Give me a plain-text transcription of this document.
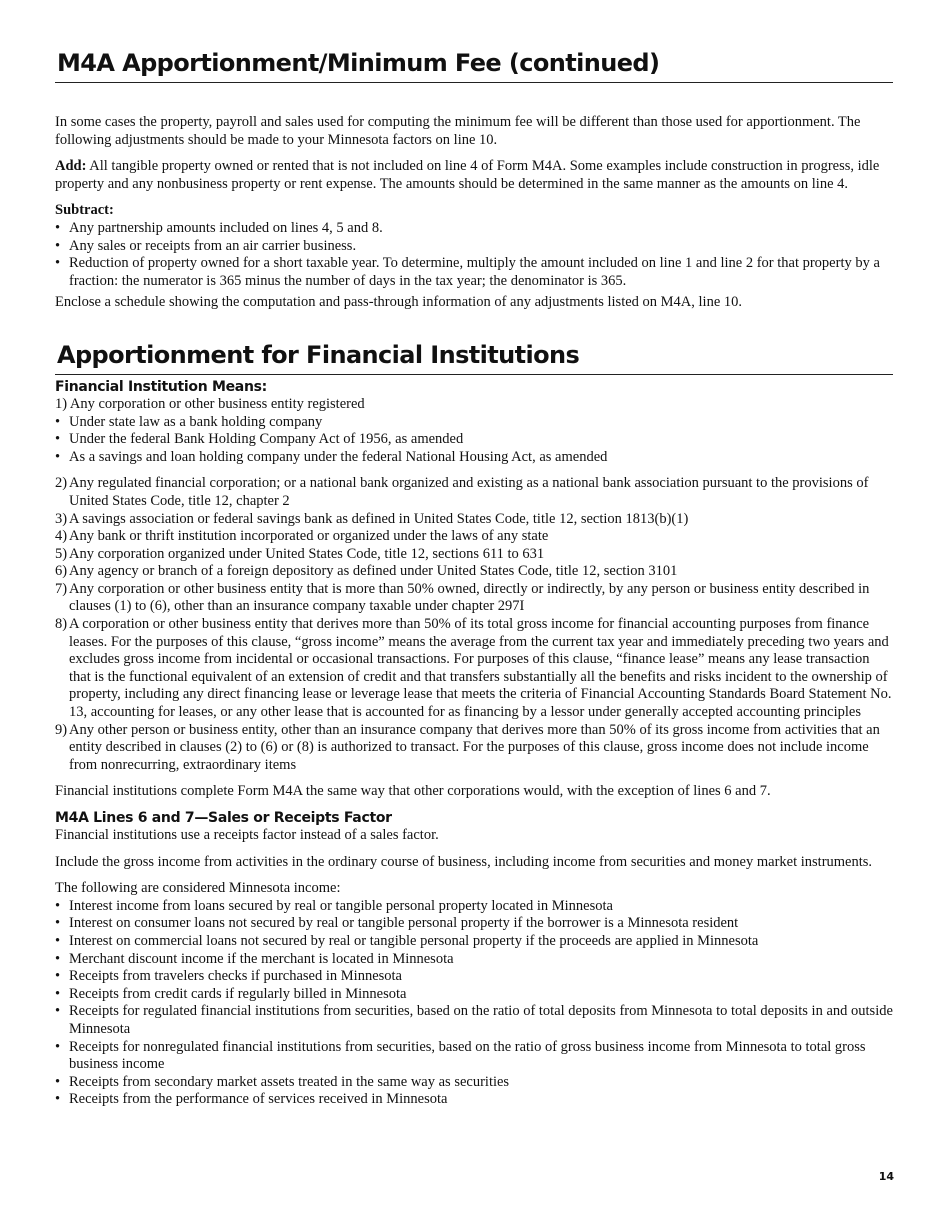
M4A Apportionment/Minimum Fee (continued)

In some cases the property, payroll and sales used for computing the minimum fee will be different than those used for apportionment. The following adjustments should be made to your Minnesota factors on line 10.

Add: All tangible property owned or rented that is not included on line 4 of Form M4A. Some examples include construction in progress, idle property and any nonbusiness property or rent expense. The amounts should be determined in the same manner as the amounts on line 4.

Subtract:

• Any partnership amounts included on lines 4, 5 and 8.
• Any sales or receipts from an air carrier business.
• Reduction of property owned for a short taxable year. To determine, multiply the amount included on line 1 and line 2 for that property by a fraction: the numerator is 365 minus the number of days in the tax year; the denominator is 365.

Enclose a schedule showing the computation and pass-through information of any adjustments listed on M4A, line 10.

Apportionment for Financial Institutions
Financial Institution Means:

1) Any corporation or other business entity registered

• Under state law as a bank holding company
• Under the federal Bank Holding Company Act of 1956, as amended
• As a savings and loan holding company under the federal National Housing Act, as amended
2) Any regulated financial corporation; or a national bank organized and existing as a national bank association pursuant to the provisions of United States Code, title 12, chapter 2
3) A savings association or federal savings bank as defined in United States Code, title 12, section 1813(b)(1)
4) Any bank or thrift institution incorporated or organized under the laws of any state
5) Any corporation organized under United States Code, title 12, sections 611 to 631
6) Any agency or branch of a foreign depository as defined under United States Code, title 12, section 3101
7) Any corporation or other business entity that is more than 50% owned, directly or indirectly, by any person or business entity described in clauses (1) to (6), other than an insurance company taxable under chapter 297I
8) A corporation or other business entity that derives more than 50% of its total gross income for financial accounting purposes from finance leases. For the purposes of this clause, “gross income” means the average from the current tax year and immediately preceding two years and excludes gross income from incidental or occasional transactions. For purposes of this clause, “finance lease” means any lease transaction that is the functional equivalent of an extension of credit and that transfers substantially all the benefits and risks incident to the ownership of property, including any direct financing lease or leverage lease that meets the criteria of Financial Accounting Standards Board Statement No. 13, accounting for leases, or any other lease that is accounted for as financing by a lessor under generally accepted accounting principles
9) Any other person or business entity, other than an insurance company that derives more than 50% of its gross income from activities that an entity described in clauses (2) to (6) or (8) is authorized to transact. For the purposes of this clause, gross income does not include income from nonrecurring, extraordinary items

Financial institutions complete Form M4A the same way that other corporations would, with the exception of lines 6 and 7.

M4A Lines 6 and 7—Sales or Receipts Factor

Financial institutions use a receipts factor instead of a sales factor.

Include the gross income from activities in the ordinary course of business, including income from securities and money market instruments.

The following are considered Minnesota income:

• Interest income from loans secured by real or tangible personal property located in Minnesota
• Interest on consumer loans not secured by real or tangible personal property if the borrower is a Minnesota resident
• Interest on commercial loans not secured by real or tangible personal property if the proceeds are applied in Minnesota
• Merchant discount income if the merchant is located in Minnesota
• Receipts from travelers checks if purchased in Minnesota
• Receipts from credit cards if regularly billed in Minnesota
• Receipts for regulated financial institutions from securities, based on the ratio of total deposits from Minnesota to total deposits in and outside Minnesota
• Receipts for nonregulated financial institutions from securities, based on the ratio of gross business income from Minnesota to total gross business income
• Receipts from secondary market assets treated in the same way as securities
• Receipts from the performance of services received in Minnesota
14
